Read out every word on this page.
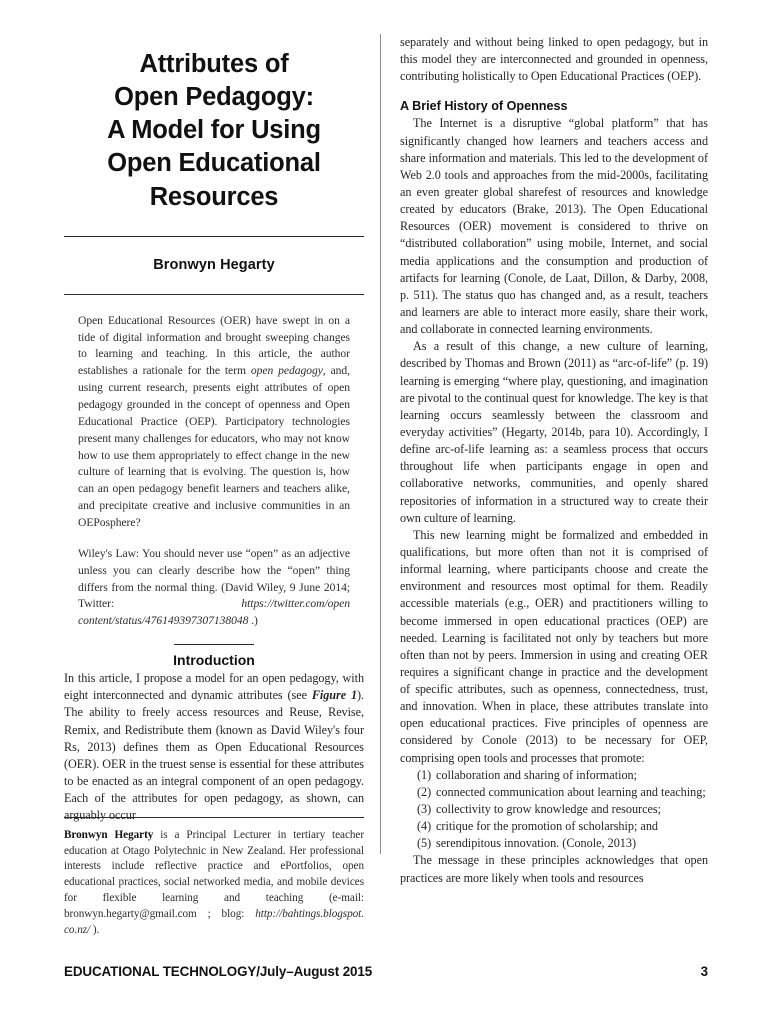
Attributes of
Open Pedagogy:
A Model for Using
Open Educational
Resources
Bronwyn Hegarty

Open Educational Resources (OER) have swept in on a tide of digital information and brought sweeping changes to learning and teaching. In this article, the author establishes a rationale for the term open pedagogy, and, using current research, presents eight attributes of open pedagogy grounded in the concept of openness and Open Educational Practice (OEP). Participatory technologies present many challenges for educators, who may not know how to use them appropriately to effect change in the new culture of learning that is evolving. The question is, how can an open pedagogy benefit learners and teachers alike, and precipitate creative and inclusive communities in an OEPosphere?

Wiley's Law: You should never use “open” as an adjective unless you can clearly describe how the “open” thing differs from the normal thing. (David Wiley, 9 June 2014; Twitter: https://twitter.com/open content/status/476149397307138048 .)

Introduction

In this article, I propose a model for an open pedagogy, with eight interconnected and dynamic attributes (see Figure 1). The ability to freely access resources and Reuse, Revise, Remix, and Redistribute them (known as David Wiley's four Rs, 2013) defines them as Open Educational Resources (OER). OER in the truest sense is essential for these attributes to be enacted as an integral component of an open pedagogy. Each of the attributes for open pedagogy, as shown, can arguably occur

Bronwyn Hegarty is a Principal Lecturer in tertiary teacher education at Otago Polytechnic in New Zealand. Her professional interests include reflective practice and ePortfolios, open educational practices, social networked media, and mobile devices for flexible learning and teaching (e-mail: bronwyn.hegarty@gmail.com ; blog: http://bahtings.blogspot. co.nz/ ).

separately and without being linked to open pedagogy, but in this model they are interconnected and grounded in openness, contributing holistically to Open Educational Practices (OEP).

A Brief History of Openness

The Internet is a disruptive “global platform” that has significantly changed how learners and teachers access and share information and materials. This led to the development of Web 2.0 tools and approaches from the mid-2000s, facilitating an even greater global sharefest of resources and knowledge created by educators (Brake, 2013). The Open Educational Resources (OER) movement is considered to thrive on “distributed collaboration” using mobile, Internet, and social media applications and the consumption and production of artifacts for learning (Conole, de Laat, Dillon, & Darby, 2008, p. 511). The status quo has changed and, as a result, teachers and learners are able to interact more easily, share their work, and collaborate in connected learning environments.

As a result of this change, a new culture of learning, described by Thomas and Brown (2011) as “arc-of-life” (p. 19) learning is emerging “where play, questioning, and imagination are pivotal to the continual quest for knowledge. The key is that learning occurs seamlessly between the classroom and everyday activities” (Hegarty, 2014b, para 10). Accordingly, I define arc-of-life learning as: a seamless process that occurs throughout life when participants engage in open and collaborative networks, communities, and openly shared repositories of information in a structured way to create their own culture of learning.

This new learning might be formalized and embedded in qualifications, but more often than not it is comprised of informal learning, where participants choose and create the environment and resources most optimal for them. Readily accessible materials (e.g., OER) and practitioners willing to become immersed in open educational practices (OEP) are needed. Learning is facilitated not only by teachers but more often than not by peers. Immersion in using and creating OER requires a significant change in practice and the development of specific attributes, such as openness, connectedness, trust, and innovation. When in place, these attributes translate into open educational practices. Five principles of openness are considered by Conole (2013) to be necessary for OEP, comprising open tools and processes that promote:

(1) collaboration and sharing of information;
(2) connected communication about learning and teaching;
(3) collectivity to grow knowledge and resources;
(4) critique for the promotion of scholarship; and
(5) serendipitous innovation. (Conole, 2013)

The message in these principles acknowledges that open practices are more likely when tools and resources

EDUCATIONAL TECHNOLOGY/July–August 2015	3
